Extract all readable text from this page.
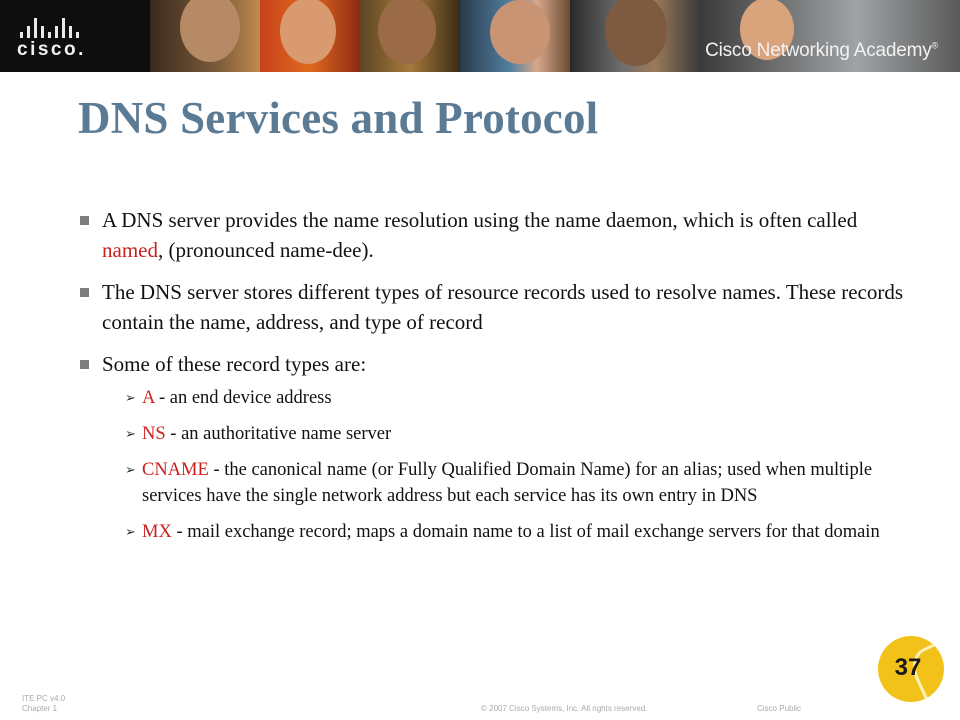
cisco.	Cisco Networking Academy®
DNS Services and Protocol
A DNS server provides the name resolution using the name daemon, which is often called named, (pronounced name-dee).
The DNS server stores different types of resource records used to resolve names. These records contain the name, address, and type of record
Some of these record types are:
➢ A - an end device address
➢ NS - an authoritative name server
➢ CNAME - the canonical name (or Fully Qualified Domain Name) for an alias; used when multiple services have the single network address but each service has its own entry in DNS
➢ MX - mail exchange record; maps a domain name to a list of mail exchange servers for that domain
ITE PC v4.0
Chapter 1	© 2007 Cisco Systems, Inc. All rights reserved.	Cisco Public
37
